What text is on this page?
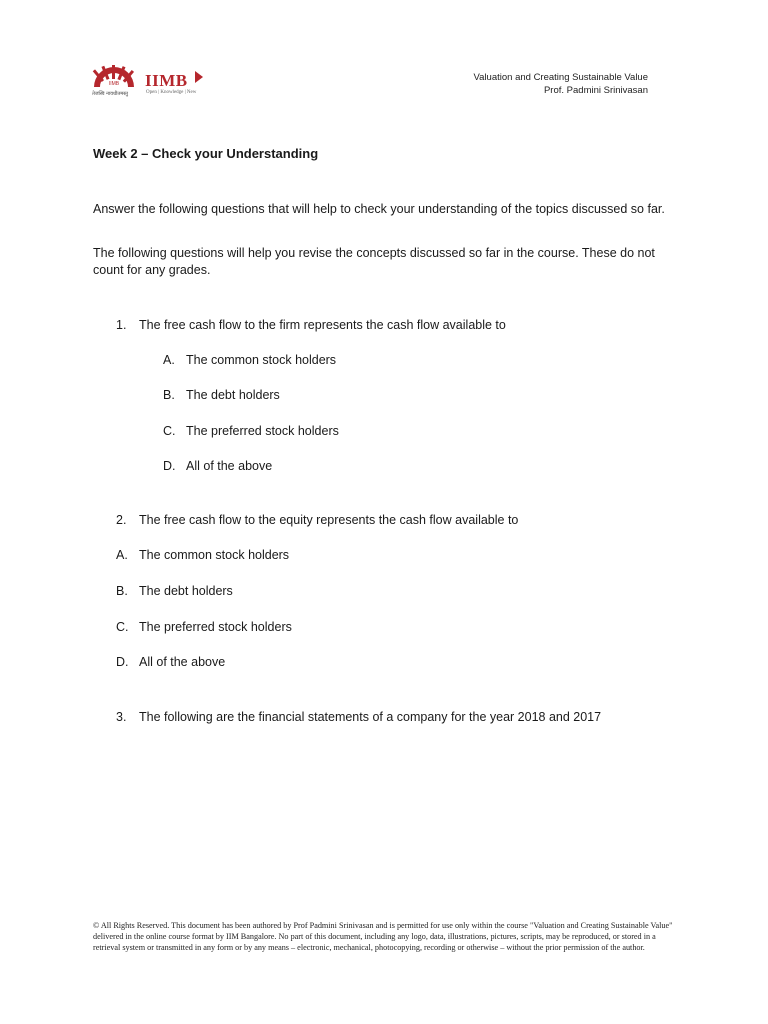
IIMB IIMB
Open | Knowledge | New
तेजस्वि नावधीतमस्तु
Valuation and Creating Sustainable Value
Prof. Padmini Srinivasan
Week 2 – Check your Understanding
Answer the following questions that will help to check your understanding of the topics discussed so far.
The following questions will help you revise the concepts discussed so far in the course. These do not count for any grades.
1. The free cash flow to the firm represents the cash flow available to
A. The common stock holders
B. The debt holders
C. The preferred stock holders
D. All of the above
2. The free cash flow to the equity represents the cash flow available to
A. The common stock holders
B. The debt holders
C. The preferred stock holders
D. All of the above
3. The following are the financial statements of a company for the year 2018 and 2017
© All Rights Reserved. This document has been authored by Prof Padmini Srinivasan and is permitted for use only within the course "Valuation and Creating Sustainable Value" delivered in the online course format by IIM Bangalore. No part of this document, including any logo, data, illustrations, pictures, scripts, may be reproduced, or stored in a retrieval system or transmitted in any form or by any means – electronic, mechanical, photocopying, recording or otherwise – without the prior permission of the author.
